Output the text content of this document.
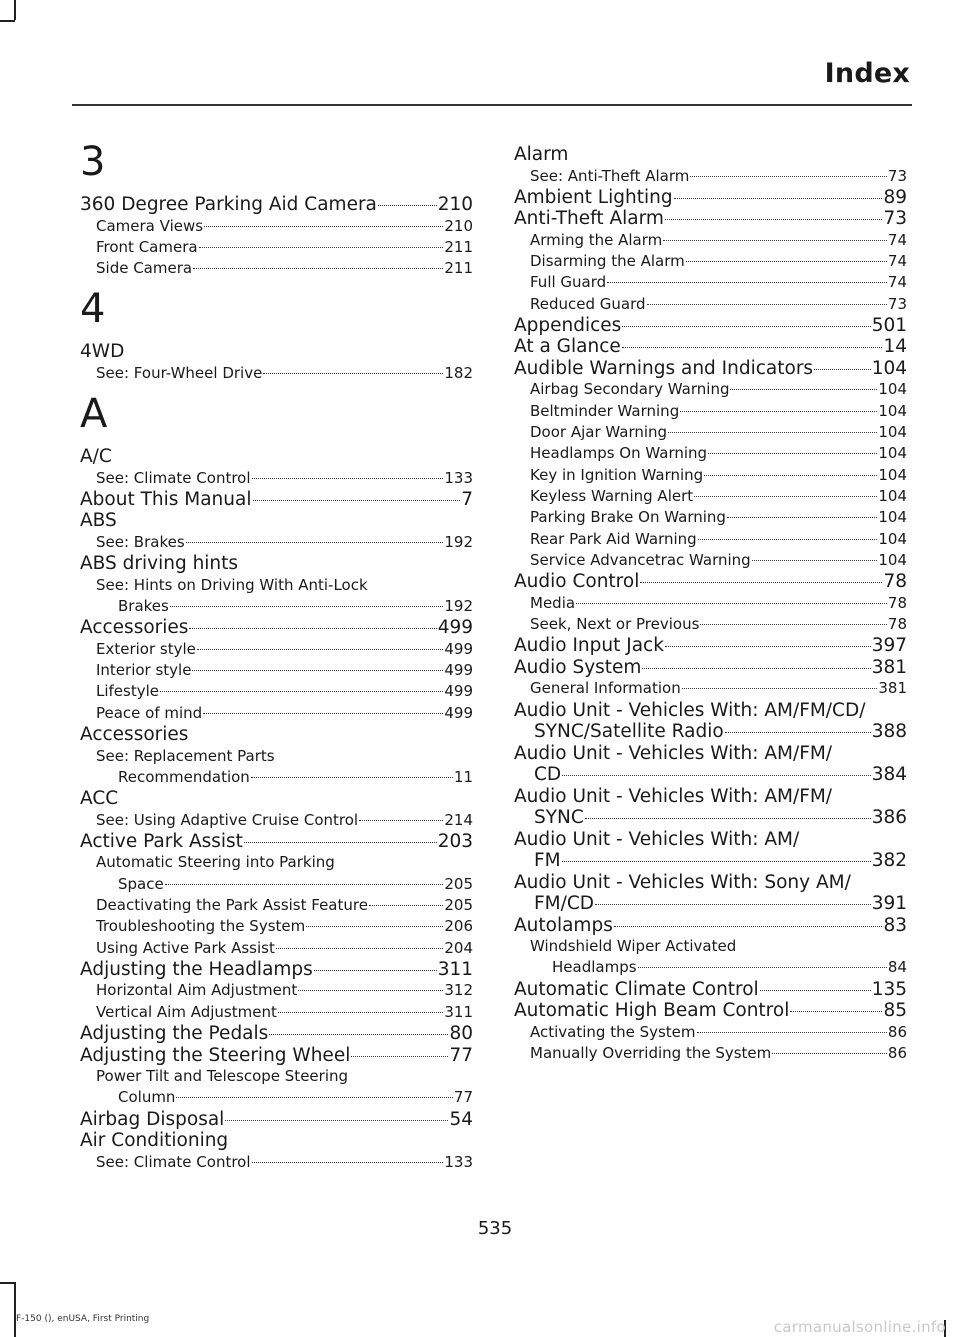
Index
3
360 Degree Parking Aid Camera	210
Camera Views	210
Front Camera	211
Side Camera	211
4
4WD
See: Four-Wheel Drive	182
A
A/C
See: Climate Control	133
About This Manual	7
ABS
See: Brakes	192
ABS driving hints
See: Hints on Driving With Anti-Lock
Brakes	192
Accessories	499
Exterior style	499
Interior style	499
Lifestyle	499
Peace of mind	499
Accessories
See: Replacement Parts
Recommendation	11
ACC
See: Using Adaptive Cruise Control	214
Active Park Assist	203
Automatic Steering into Parking
Space	205
Deactivating the Park Assist Feature	205
Troubleshooting the System	206
Using Active Park Assist	204
Adjusting the Headlamps	311
Horizontal Aim Adjustment	312
Vertical Aim Adjustment	311
Adjusting the Pedals	80
Adjusting the Steering Wheel	77
Power Tilt and Telescope Steering
Column	77
Airbag Disposal	54
Air Conditioning
See: Climate Control	133
Alarm
See: Anti-Theft Alarm	73
Ambient Lighting	89
Anti-Theft Alarm	73
Arming the Alarm	74
Disarming the Alarm	74
Full Guard	74
Reduced Guard	73
Appendices	501
At a Glance	14
Audible Warnings and Indicators	104
Airbag Secondary Warning	104
Beltminder Warning	104
Door Ajar Warning	104
Headlamps On Warning	104
Key in Ignition Warning	104
Keyless Warning Alert	104
Parking Brake On Warning	104
Rear Park Aid Warning	104
Service Advancetrac Warning	104
Audio Control	78
Media	78
Seek, Next or Previous	78
Audio Input Jack	397
Audio System	381
General Information	381
Audio Unit - Vehicles With: AM/FM/CD/
SYNC/Satellite Radio	388
Audio Unit - Vehicles With: AM/FM/
CD	384
Audio Unit - Vehicles With: AM/FM/
SYNC	386
Audio Unit - Vehicles With: AM/
FM	382
Audio Unit - Vehicles With: Sony AM/
FM/CD	391
Autolamps	83
Windshield Wiper Activated
Headlamps	84
Automatic Climate Control	135
Automatic High Beam Control	85
Activating the System	86
Manually Overriding the System	86
535
F-150 (), enUSA, First Printing	carmanualsonline.info
